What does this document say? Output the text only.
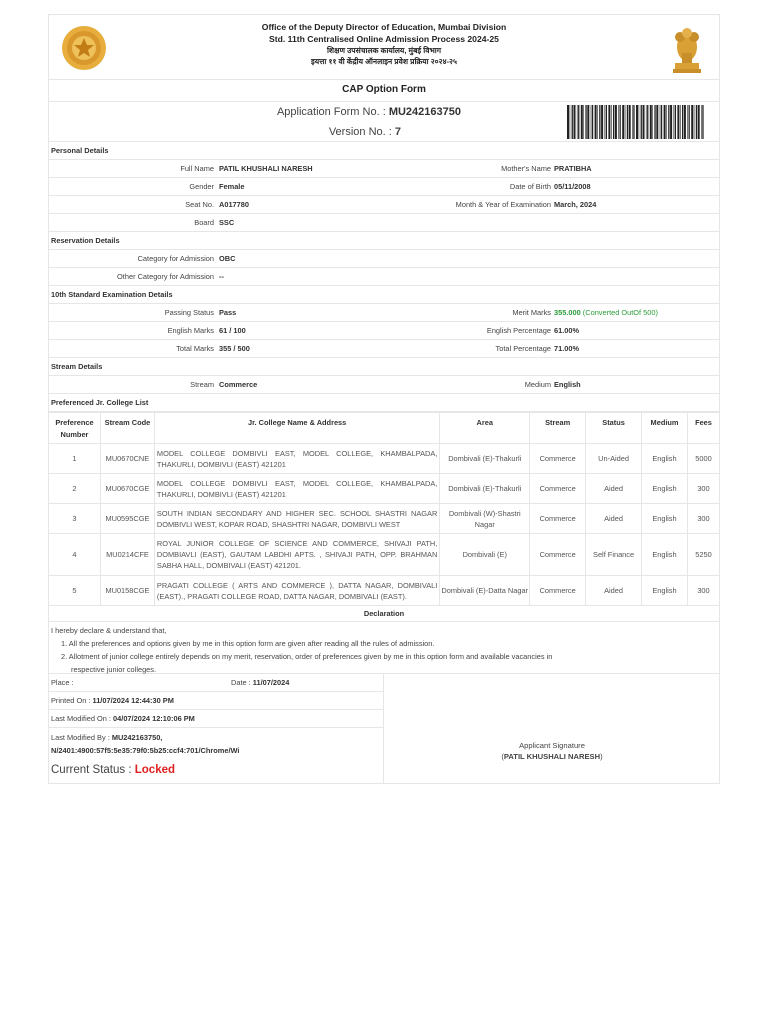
Office of the Deputy Director of Education, Mumbai Division
Std. 11th Centralised Online Admission Process 2024-25
शिक्षण उपसंचालक कार्यालय, मुंबई विभाग
इयत्ता ११ वी केंद्रीय ऑनलाइन प्रवेश प्रक्रिया २०२४-२५
CAP Option Form
Application Form No. : MU242163750
Version No. : 7
Personal Details
Full Name PATIL KHUSHALI NARESH	Mother's Name PRATIBHA
Gender Female	Date of Birth 05/11/2008
Seat No. A017780	Month & Year of Examination March, 2024
Board SSC
Reservation Details
Category for Admission OBC
Other Category for Admission --
10th Standard Examination Details
Passing Status Pass	Merit Marks 355.000 (Converted OutOf 500)
English Marks 61 / 100	English Percentage 61.00%
Total Marks 355 / 500	Total Percentage 71.00%
Stream Details
Stream Commerce	Medium English
Preferenced Jr. College List
Preference Number	Stream Code	Jr. College Name & Address	Area	Stream	Status	Medium	Fees
1	MU0670CNE	MODEL COLLEGE DOMBIVLI EAST, MODEL COLLEGE, KHAMBALPADA, THAKURLI, DOMBIVLI (EAST) 421201	Dombivali (E)-Thakurli	Commerce	Un-Aided	English	5000
2	MU0670CGE	MODEL COLLEGE DOMBIVLI EAST, MODEL COLLEGE, KHAMBALPADA, THAKURLI, DOMBIVLI (EAST) 421201	Dombivali (E)-Thakurli	Commerce	Aided	English	300
3	MU0595CGE	SOUTH INDIAN SECONDARY AND HIGHER SEC. SCHOOL SHASTRI NAGAR DOMBIVLI WEST, KOPAR ROAD, SHASHTRI NAGAR, DOMBIVLI WEST	Dombivali (W)-Shastri Nagar	Commerce	Aided	English	300
4	MU0214CFE	ROYAL JUNIOR COLLEGE OF SCIENCE AND COMMERCE, SHIVAJI PATH, DOMBIAVLI (EAST), GAUTAM LABDHI APTS. , SHIVAJI PATH, OPP. BRAHMAN SABHA HALL, DOMBIVALI (EAST) 421201.	Dombivali (E)	Commerce	Self Finance	English	5250
5	MU0158CGE	PRAGATI COLLEGE ( ARTS AND COMMERCE ), DATTA NAGAR, DOMBIVALI (EAST)., PRAGATI COLLEGE ROAD, DATTA NAGAR, DOMBIVALI (EAST).	Dombivali (E)-Datta Nagar	Commerce	Aided	English	300
Declaration
I hereby declare & understand that,
1. All the preferences and options given by me in this option form are given after reading all the rules of admission.
2. Allotment of junior college entirely depends on my merit, reservation, order of preferences given by me in this option form and available vacancies in
respective junior colleges.
Place :	Date : 11/07/2024
Printed On : 11/07/2024 12:44:30 PM
Last Modified On : 04/07/2024 12:10:06 PM
Last Modified By : MU242163750,
N/2401:4900:57f5:5e35:79f0:5b25:ccf4:701/Chrome/Wi
Applicant Signature
(PATIL KHUSHALI NARESH)
Current Status : Locked
